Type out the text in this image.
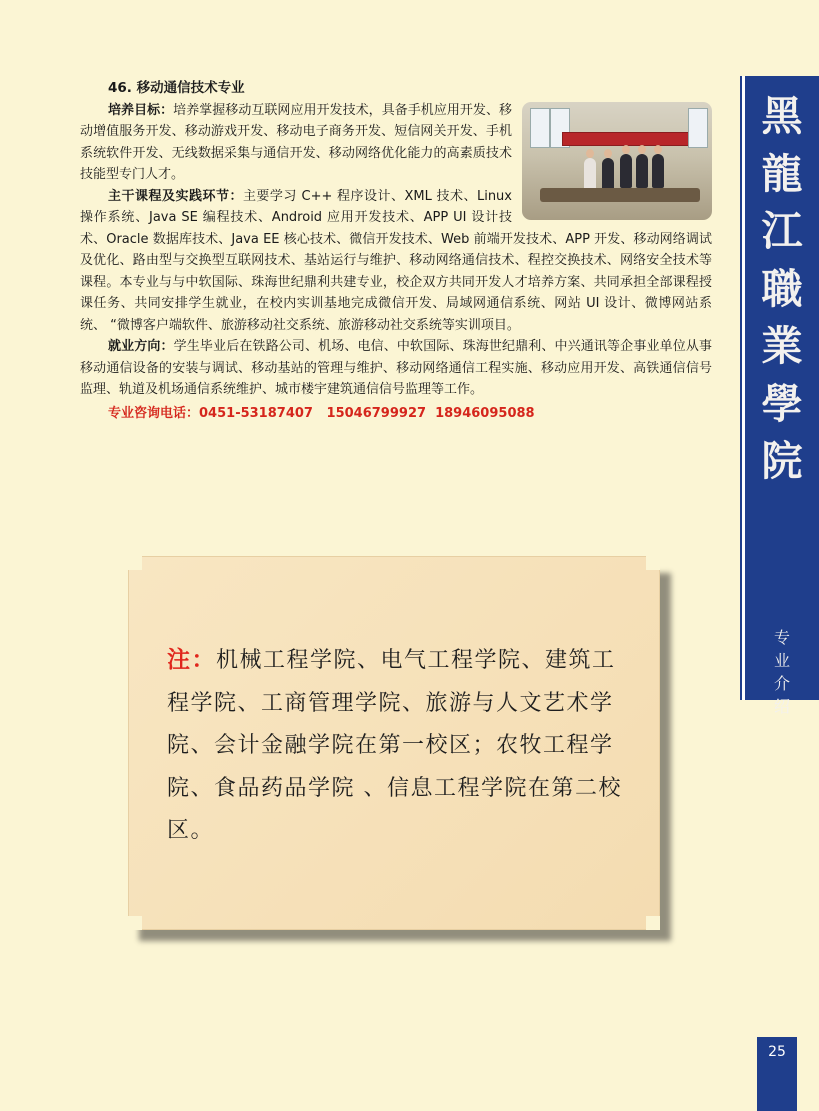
46. 移动通信技术专业

培养目标：培养掌握移动互联网应用开发技术，具备手机应用开发、移动增值服务开发、移动游戏开发、移动电子商务开发、短信网关开发、手机系统软件开发、无线数据采集与通信开发、移动网络优化能力的高素质技术技能型专门人才。

主干课程及实践环节：主要学习 C++ 程序设计、XML 技术、Linux 操作系统、Java SE 编程技术、Android 应用开发技术、APP UI 设计技术、Oracle 数据库技术、Java EE 核心技术、微信开发技术、Web 前端开发技术、APP 开发、移动网络调试及优化、路由型与交换型互联网技术、基站运行与维护、移动网络通信技术、程控交换技术、网络安全技术等课程。本专业与与中软国际、珠海世纪鼎利共建专业，校企双方共同开发人才培养方案、共同承担全部课程授课任务、共同安排学生就业，在校内实训基地完成微信开发、局域网通信系统、网站 UI 设计、微博网站系统、 “微博客户端软件、旅游移动社交系统、旅游移动社交系统等实训项目。

就业方向：学生毕业后在铁路公司、机场、电信、中软国际、珠海世纪鼎利、中兴通讯等企事业单位从事移动通信设备的安装与调试、移动基站的管理与维护、移动网络通信工程实施、移动应用开发、高铁通信信号监理、轨道及机场通信系统维护、城市楼宇建筑通信信号监理等工作。

专业咨询电话：0451-53187407   15046799927  18946095088
黑
龍
江
職
業
學
院
专
业
介
绍
注：机械工程学院、电气工程学院、建筑工程学院、工商管理学院、旅游与人文艺术学院、会计金融学院在第一校区；农牧工程学院、食品药品学院 、信息工程学院在第二校区。
25
